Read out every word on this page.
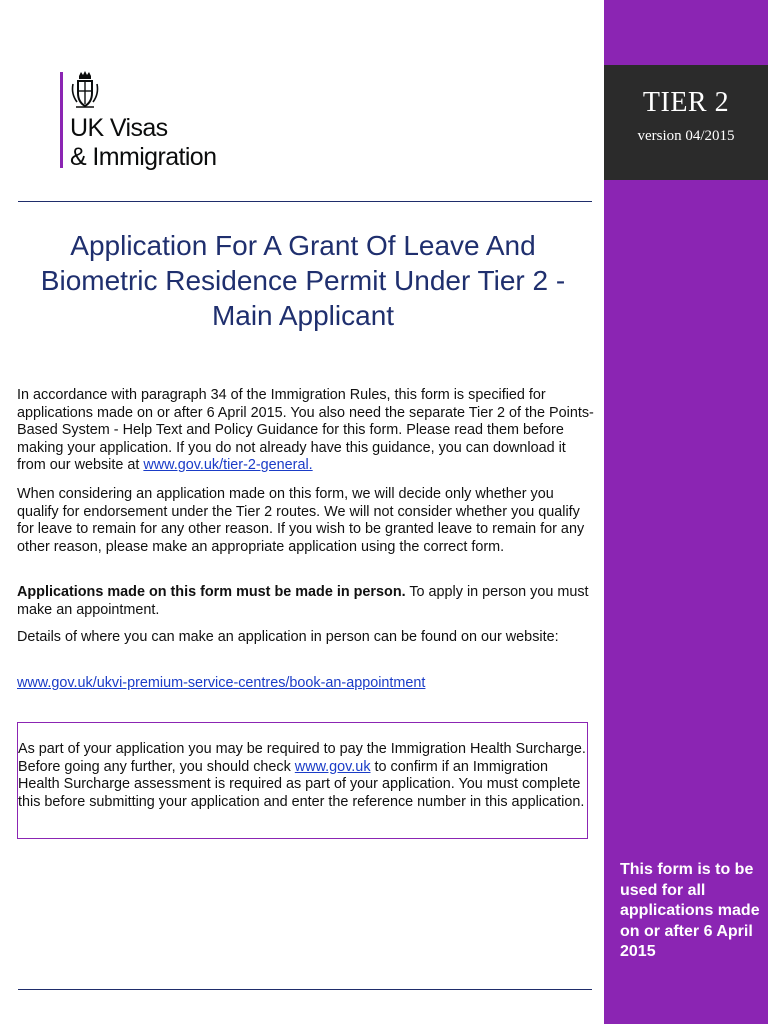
TIER 2
version 04/2015
This form is to be used for all applications made on or after 6 April 2015
UK Visas
& Immigration
Application For A Grant Of Leave And Biometric Residence Permit Under Tier 2 - Main Applicant
In accordance with paragraph 34 of the Immigration Rules, this form is specified for applications made on or after 6 April 2015. You also need the separate Tier 2 of the Points-Based System - Help Text and Policy Guidance for this form. Please read them before making your application. If you do not already have this guidance, you can download it from our website at www.gov.uk/tier-2-general.
When considering an application made on this form, we will decide only whether you qualify for endorsement under the Tier 2 routes. We will not consider whether you qualify for leave to remain for any other reason. If you wish to be granted leave to remain for any other reason, please make an appropriate application using the correct form.
Applications made on this form must be made in person. To apply in person you must make an appointment.
Details of where you can make an application in person can be found on our website:
www.gov.uk/ukvi-premium-service-centres/book-an-appointment
As part of your application you may be required to pay the Immigration Health Surcharge. Before going any further, you should check www.gov.uk to confirm if an Immigration Health Surcharge assessment is required as part of your application. You must complete this before submitting your application and enter the reference number in this application.
